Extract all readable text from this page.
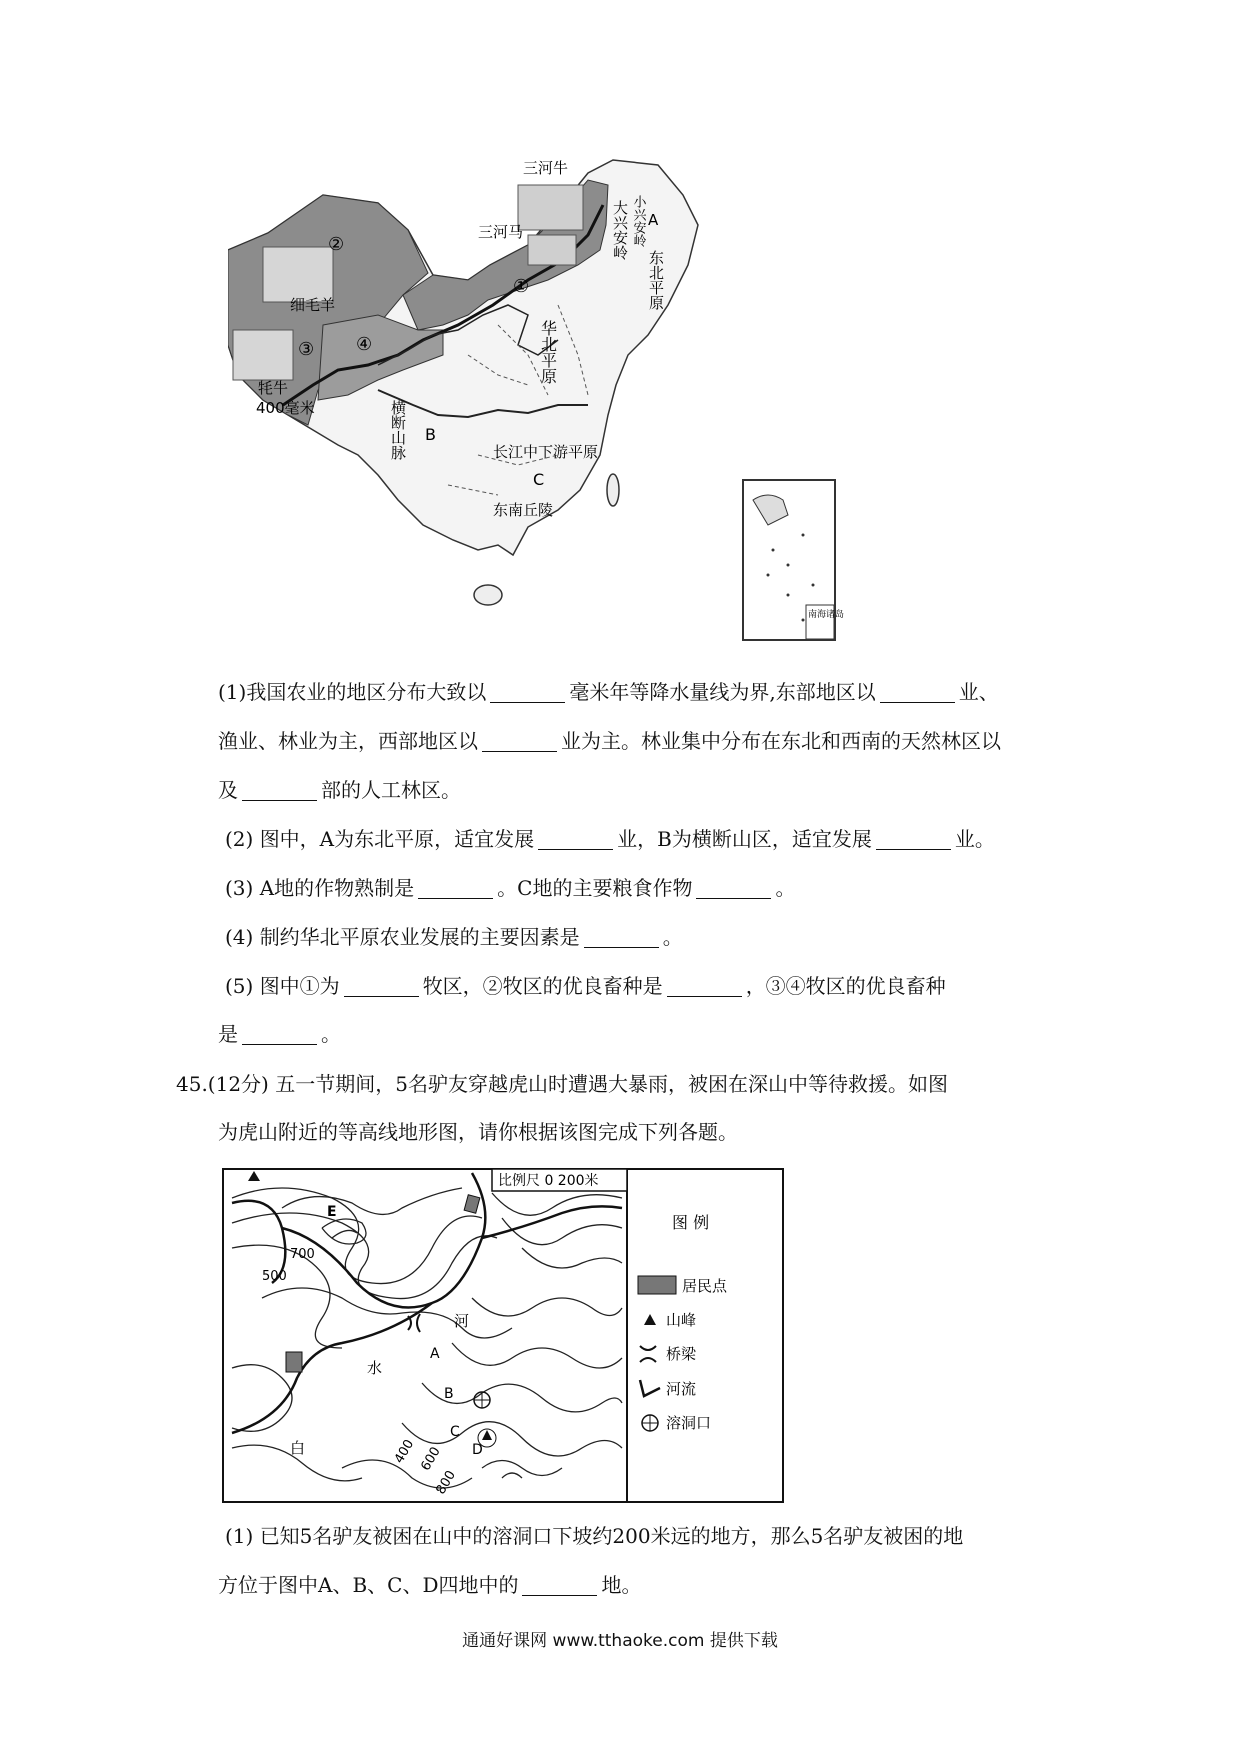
三河牛
三河马	大兴安岭 小兴安岭 A
东北平原
细毛羊
牦牛
400毫米	横断山脉 B
华北平原
长江中下游平原
C
东南丘陵
②
①
③ ④
南海诸岛
(1)我国农业的地区分布大致以	毫米年等降水量线为界,东部地区以	业、
渔业、林业为主，西部地区以	业为主。林业集中分布在东北和西南的天然林区以
及	部的人工林区。
(2) 图中，A为东北平原，适宜发展	业，B为横断山区，适宜发展	业。
(3) A地的作物熟制是	。C地的主要粮食作物	。
(4) 制约华北平原农业发展的主要因素是	。
(5) 图中①为	牧区，②牧区的优良畜种是	，③④牧区的优良畜种
是	。
45.(12分) 五一节期间，5名驴友穿越虎山时遭遇大暴雨，被困在深山中等待救援。如图
为虎山附近的等高线地形图，请你根据该图完成下列各题。
比例尺 0 200米
E
A
B
C
D
700
500
400 600
800
白
水
河
图 例
居民点
山峰
桥梁
河流
溶洞口
(1) 已知5名驴友被困在山中的溶洞口下坡约200米远的地方，那么5名驴友被困的地
方位于图中A、B、C、D四地中的	地。
通通好课网 www.tthaoke.com 提供下载
